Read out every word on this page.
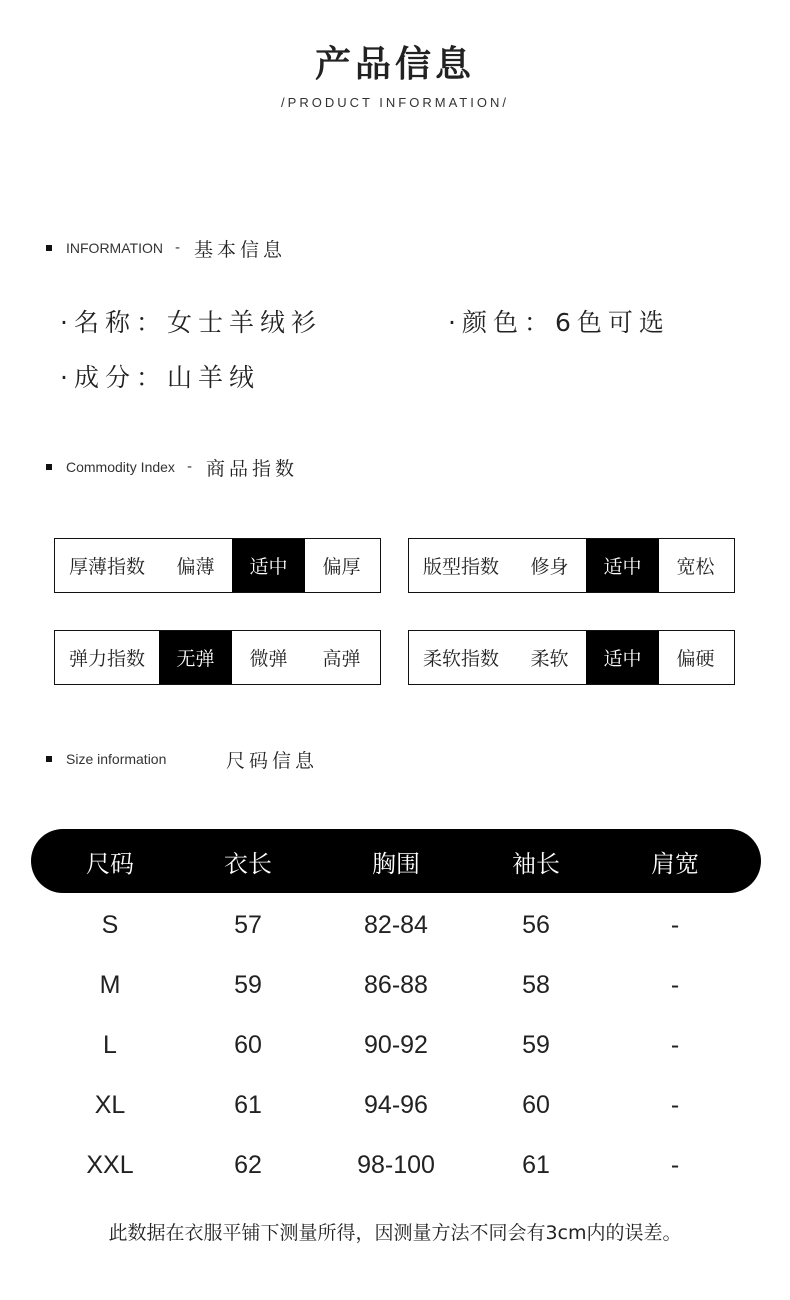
产品信息
/PRODUCT INFORMATION/
INFORMATION - 基本信息
·名称：女士羊绒衫	·颜色：6色可选
·成分：山羊绒
Commodity Index - 商品指数
厚薄指数	偏薄	适中	偏厚	版型指数	修身	适中	宽松
弹力指数	无弹	微弹	高弹	柔软指数	柔软	适中	偏硬
Size information	尺码信息
尺码	衣长	胸围	袖长	肩宽
S	57	82-84	56	-
M	59	86-88	58	-
L	60	90-92	59	-
XL	61	94-96	60	-
XXL	62	98-100	61	-
此数据在衣服平铺下测量所得，因测量方法不同会有3cm内的误差。
